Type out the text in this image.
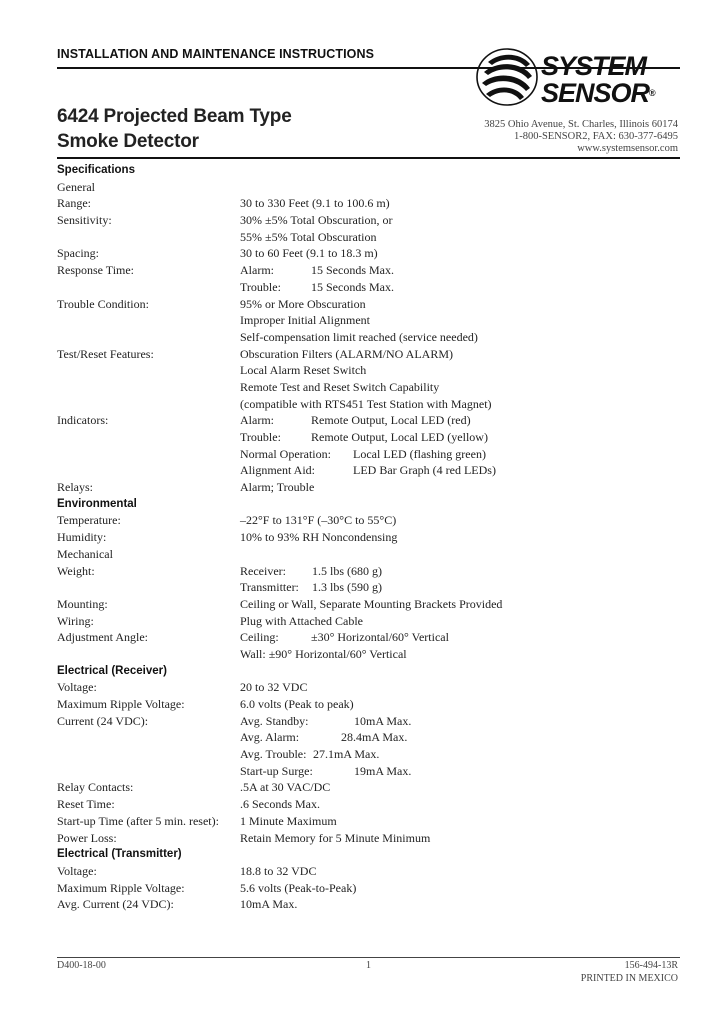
INSTALLATION AND MAINTENANCE INSTRUCTIONS
6424 Projected Beam Type
Smoke Detector
SYSTEM
SENSOR®
3825 Ohio Avenue, St. Charles, Illinois 60174
1-800-SENSOR2, FAX: 630-377-6495
www.systemsensor.com
Specifications
General
Range:	30 to 330 Feet (9.1 to 100.6 m)
Sensitivity:	30% ±5% Total Obscuration, or
55% ±5% Total Obscuration
Spacing:	30 to 60 Feet (9.1 to 18.3 m)
Response Time:	Alarm:	15 Seconds Max.
Trouble:	15 Seconds Max.
Trouble Condition:	95% or More Obscuration
Improper Initial Alignment
Self-compensation limit reached (service needed)
Test/Reset Features:	Obscuration Filters (ALARM/NO ALARM)
Local Alarm Reset Switch
Remote Test and Reset Switch Capability
(compatible with RTS451 Test Station with Magnet)
Indicators:	Alarm:	Remote Output, Local LED (red)
Trouble:	Remote Output, Local LED (yellow)
Normal Operation: Local LED (flashing green)
Alignment Aid:	LED Bar Graph (4 red LEDs)
Relays:	Alarm; Trouble
Environmental
Temperature:	–22°F to 131°F (–30°C to 55°C)
Humidity:	10% to 93% RH Noncondensing
Mechanical
Weight:	Receiver: 1.5 lbs (680 g)
Transmitter: 1.3 lbs (590 g)
Mounting:	Ceiling or Wall, Separate Mounting Brackets Provided
Wiring:	Plug with Attached Cable
Adjustment Angle:	Ceiling:	±30° Horizontal/60° Vertical
Wall: ±90° Horizontal/60° Vertical
Electrical (Receiver)
Voltage:	20 to 32 VDC
Maximum Ripple Voltage:	6.0 volts (Peak to peak)
Current (24 VDC):	Avg. Standby:	10mA Max.
Avg. Alarm:	28.4mA Max.
Avg. Trouble: 27.1mA Max.
Start-up Surge:	19mA Max.
Relay Contacts:	.5A at 30 VAC/DC
Reset Time:	.6 Seconds Max.
Start-up Time (after 5 min. reset): 1 Minute Maximum
Power Loss:	Retain Memory for 5 Minute Minimum
Electrical (Transmitter)
Voltage:	18.8 to 32 VDC
Maximum Ripple Voltage:	5.6 volts (Peak-to-Peak)
Avg. Current (24 VDC):	10mA Max.
D400-18-00	1	156-494-13R
PRINTED IN MEXICO
